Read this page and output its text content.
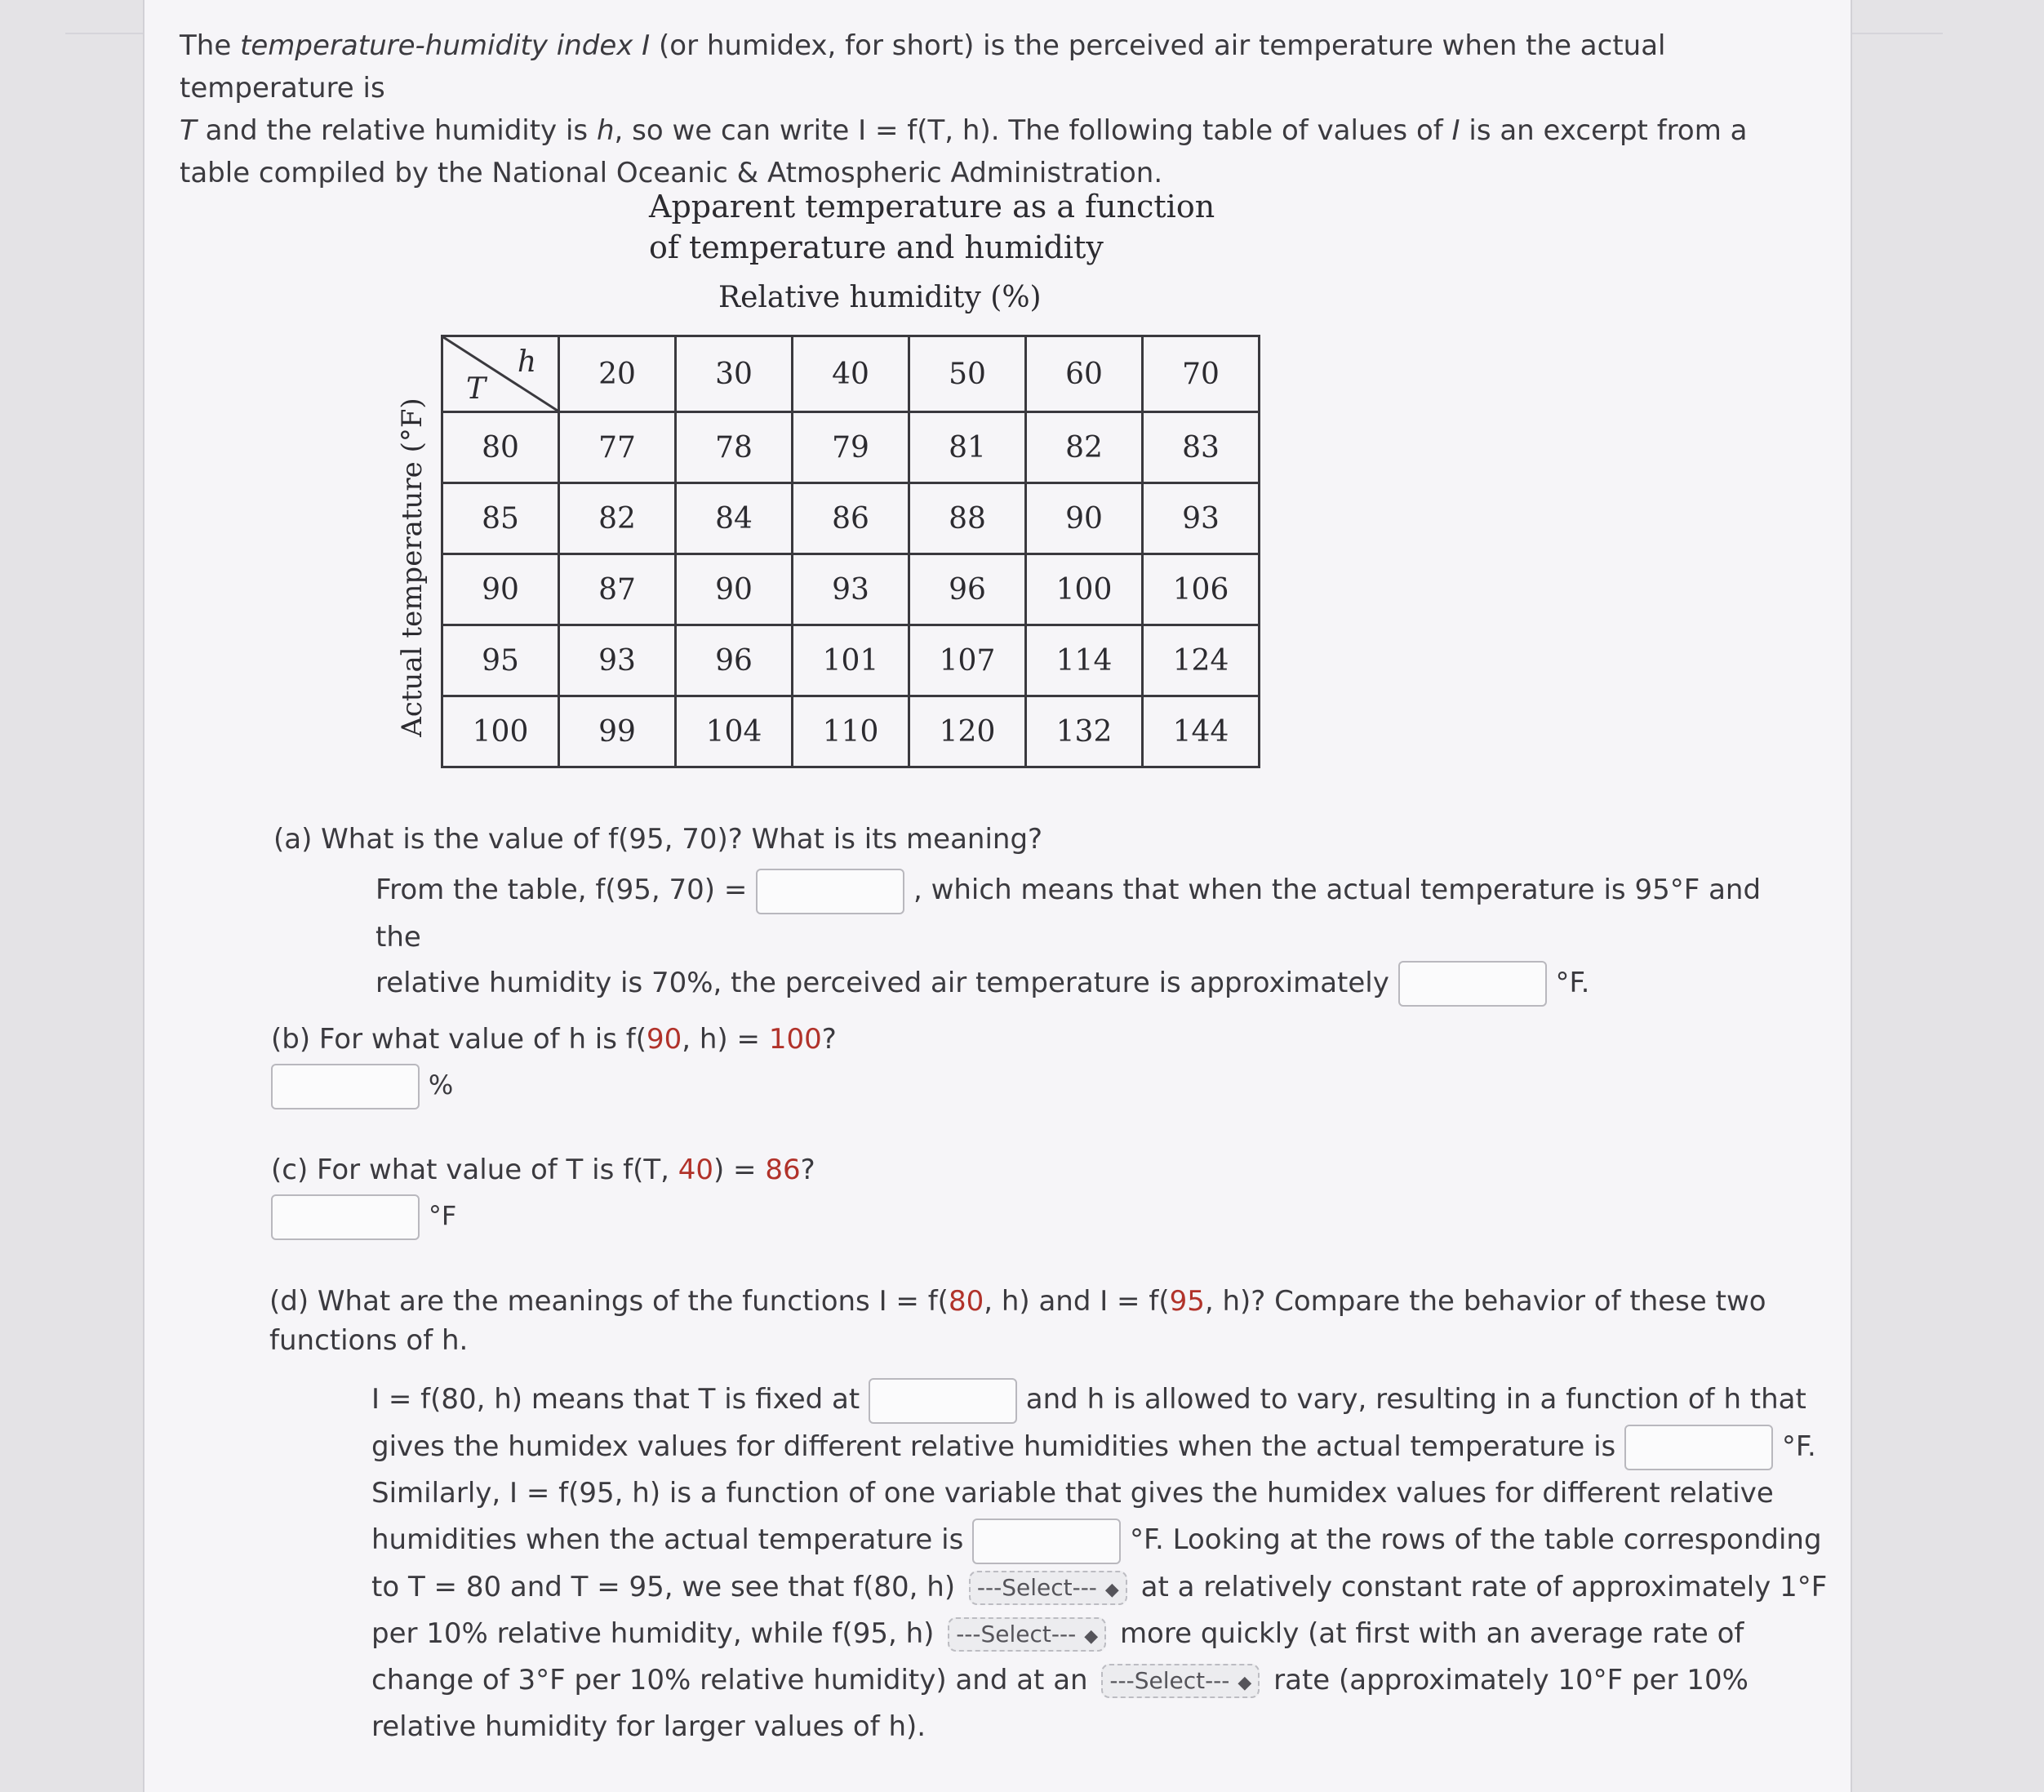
The temperature-humidity index I (or humidex, for short) is the perceived air temperature when the actual temperature is
T and the relative humidity is h, so we can write I = f(T, h). The following table of values of I is an excerpt from a table compiled by the National Oceanic & Atmospheric Administration.
Apparent temperature as a function
of temperature and humidity
Relative humidity (%)
Actual temperature (°F)
h
T	20	30	40	50	60	70
80	77	78	79	81	82	83
85	82	84	86	88	90	93
90	87	90	93	96	100	106
95	93	96	101	107	114	124
100	99	104	110	120	132	144
(a) What is the value of f(95, 70)? What is its meaning?
From the table, f(95, 70) =	, which means that when the actual temperature is 95°F and the
relative humidity is 70%, the perceived air temperature is approximately	°F.
(b) For what value of h is f(90, h) = 100?
%
(c) For what value of T is f(T, 40) = 86?
°F
(d) What are the meanings of the functions I = f(80, h) and I = f(95, h)? Compare the behavior of these two
functions of h.
I = f(80, h) means that T is fixed at	and h is allowed to vary, resulting in a function of h that
gives the humidex values for different relative humidities when the actual temperature is	°F.
Similarly, I = f(95, h) is a function of one variable that gives the humidex values for different relative
humidities when the actual temperature is	°F. Looking at the rows of the table corresponding
to T = 80 and T = 95, we see that f(80, h) ---Select--- ◆ at a relatively constant rate of approximately 1°F
per 10% relative humidity, while f(95, h) ---Select--- ◆ more quickly (at first with an average rate of
change of 3°F per 10% relative humidity) and at an ---Select--- ◆ rate (approximately 10°F per 10%
relative humidity for larger values of h).
